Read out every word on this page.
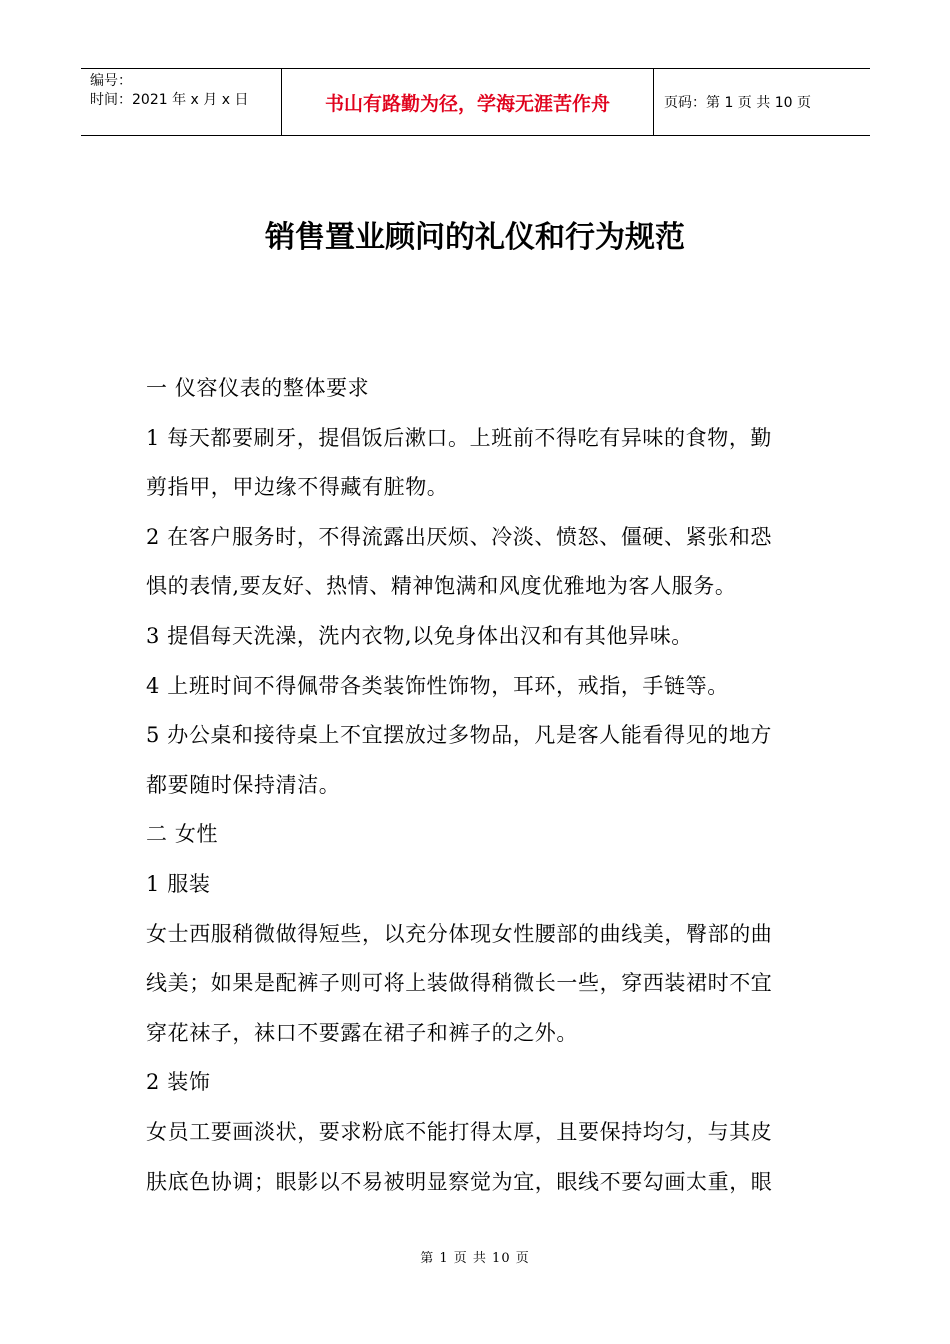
编号：
时间：2021 年 x 月 x 日	书山有路勤为径，学海无涯苦作舟	页码：第 1 页 共 10 页
销售置业顾问的礼仪和行为规范
一 仪容仪表的整体要求
1 每天都要刷牙，提倡饭后漱口。上班前不得吃有异味的食物，勤
剪指甲，甲边缘不得藏有脏物。
2 在客户服务时，不得流露出厌烦、冷淡、愤怒、僵硬、紧张和恐
惧的表情,要友好、热情、精神饱满和风度优雅地为客人服务。
3 提倡每天洗澡，洗内衣物,以免身体出汉和有其他异味。
4 上班时间不得佩带各类装饰性饰物，耳环，戒指，手链等。
5 办公桌和接待桌上不宜摆放过多物品，凡是客人能看得见的地方
都要随时保持清洁。
二 女性
1 服装
女士西服稍微做得短些，以充分体现女性腰部的曲线美，臀部的曲
线美；如果是配裤子则可将上装做得稍微长一些，穿西装裙时不宜
穿花袜子，袜口不要露在裙子和裤子的之外。
2 装饰
女员工要画淡状，要求粉底不能打得太厚，且要保持均匀，与其皮
肤底色协调；眼影以不易被明显察觉为宜，眼线不要勾画太重，眼
第 1 页 共 10 页
